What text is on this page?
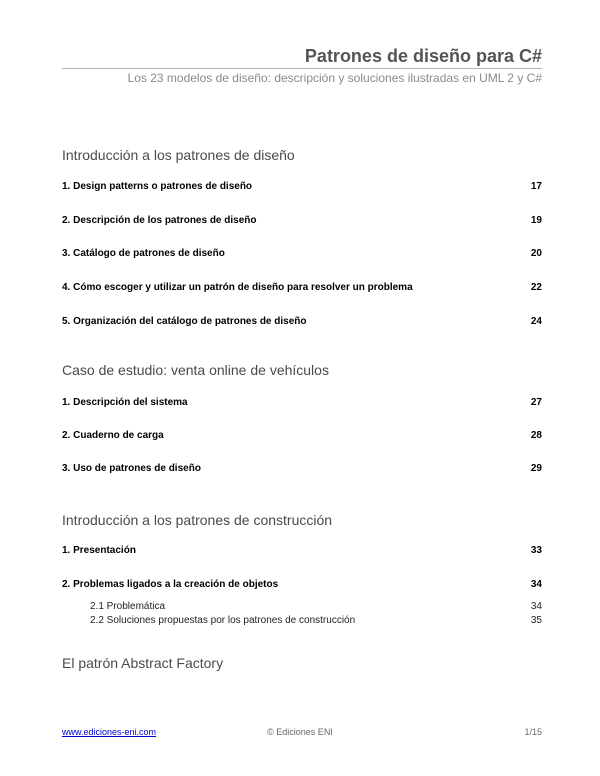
Patrones de diseño para C#
Los 23 modelos de diseño: descripción y soluciones ilustradas en UML 2 y C#
Introducción a los patrones de diseño
1. Design patterns o patrones de diseño	17
2. Descripción de los patrones de diseño	19
3. Catálogo de patrones de diseño	20
4. Cómo escoger y utilizar un patrón de diseño para resolver un problema	22
5. Organización del catálogo de patrones de diseño	24
Caso de estudio: venta online de vehículos
1. Descripción del sistema	27
2. Cuaderno de carga	28
3. Uso de patrones de diseño	29
Introducción a los patrones de construcción
1. Presentación	33
2. Problemas ligados a la creación de objetos	34
2.1 Problemática	34
2.2 Soluciones propuestas por los patrones de construcción	35
El patrón Abstract Factory
www.ediciones-eni.com	© Ediciones ENI	1/15
